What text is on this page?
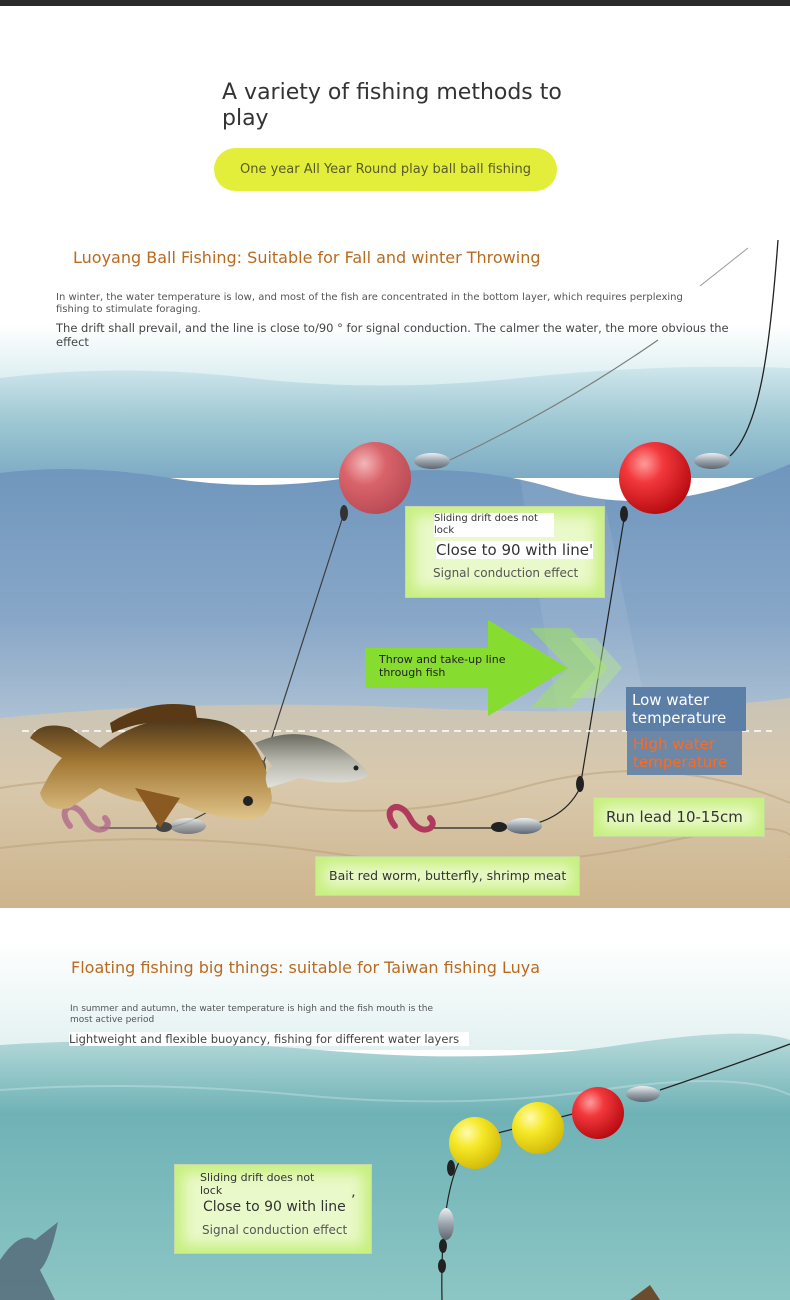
A variety of fishing methods to play
One year All Year Round play ball ball fishing
Luoyang Ball Fishing: Suitable for Fall and winter Throwing
In winter, the water temperature is low, and most of the fish are concentrated in the bottom layer, which requires perplexing fishing to stimulate foraging.
The drift shall prevail, and the line is close to/90 ° for signal conduction. The calmer the water, the more obvious the effect
Sliding drift does not lock
Close to 90 with line'
Signal conduction effect
Throw and take-up line through fish
Low water temperature
High water temperature
Run lead 10-15cm
Bait red worm, butterfly, shrimp meat
Floating fishing big things: suitable for Taiwan fishing Luya
In summer and autumn, the water temperature is high and the fish mouth is the most active period
Lightweight and flexible buoyancy, fishing for different water layers
Sliding drift does not lock
Close to 90 with line ’
Signal conduction effect
